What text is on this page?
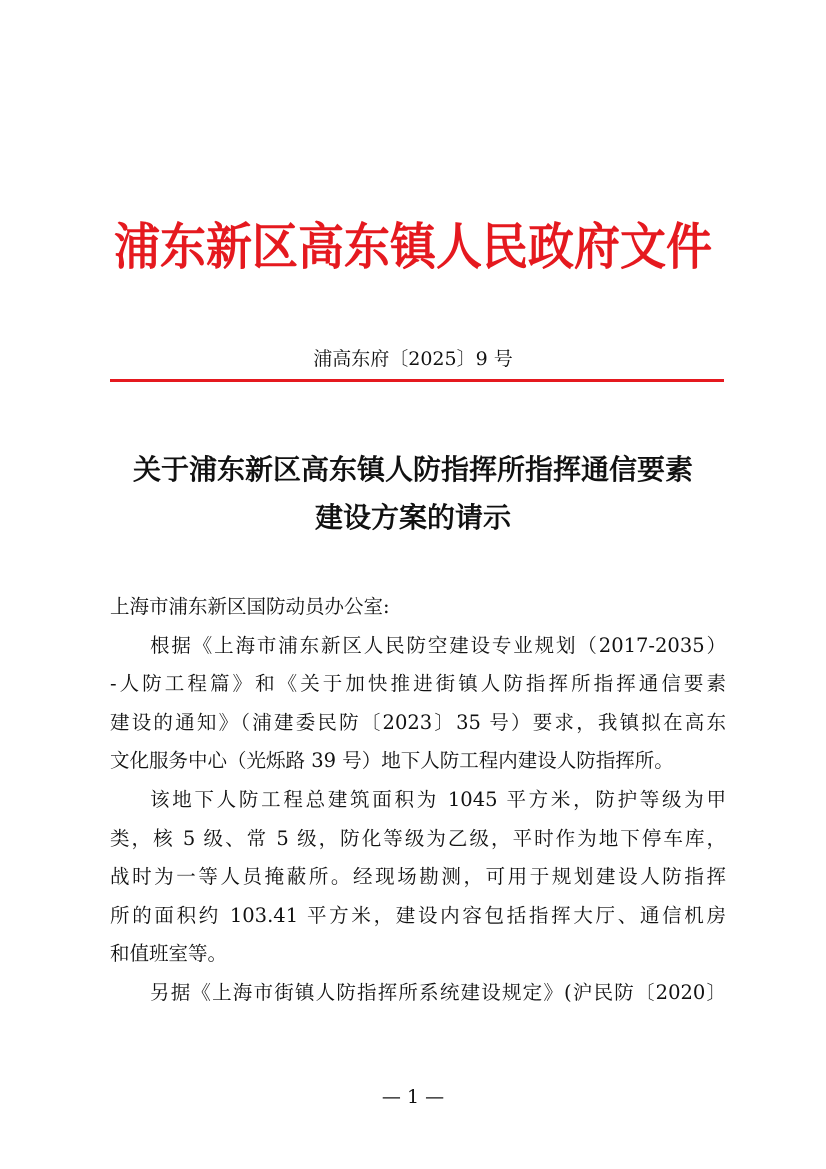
浦东新区高东镇人民政府文件
浦高东府〔2025〕9 号
关于浦东新区高东镇人防指挥所指挥通信要素
建设方案的请示
上海市浦东新区国防动员办公室:
根据《上海市浦东新区人民防空建设专业规划（2017-2035）
-人防工程篇》和《关于加快推进街镇人防指挥所指挥通信要素
建设的通知》（浦建委民防〔2023〕35 号）要求，我镇拟在高东
文化服务中心（光烁路 39 号）地下人防工程内建设人防指挥所。
该地下人防工程总建筑面积为 1045 平方米，防护等级为甲
类，核 5 级、常 5 级，防化等级为乙级，平时作为地下停车库，
战时为一等人员掩蔽所。经现场勘测，可用于规划建设人防指挥
所的面积约 103.41 平方米，建设内容包括指挥大厅、通信机房
和值班室等。
另据《上海市街镇人防指挥所系统建设规定》(沪民防〔2020〕
— 1 —
